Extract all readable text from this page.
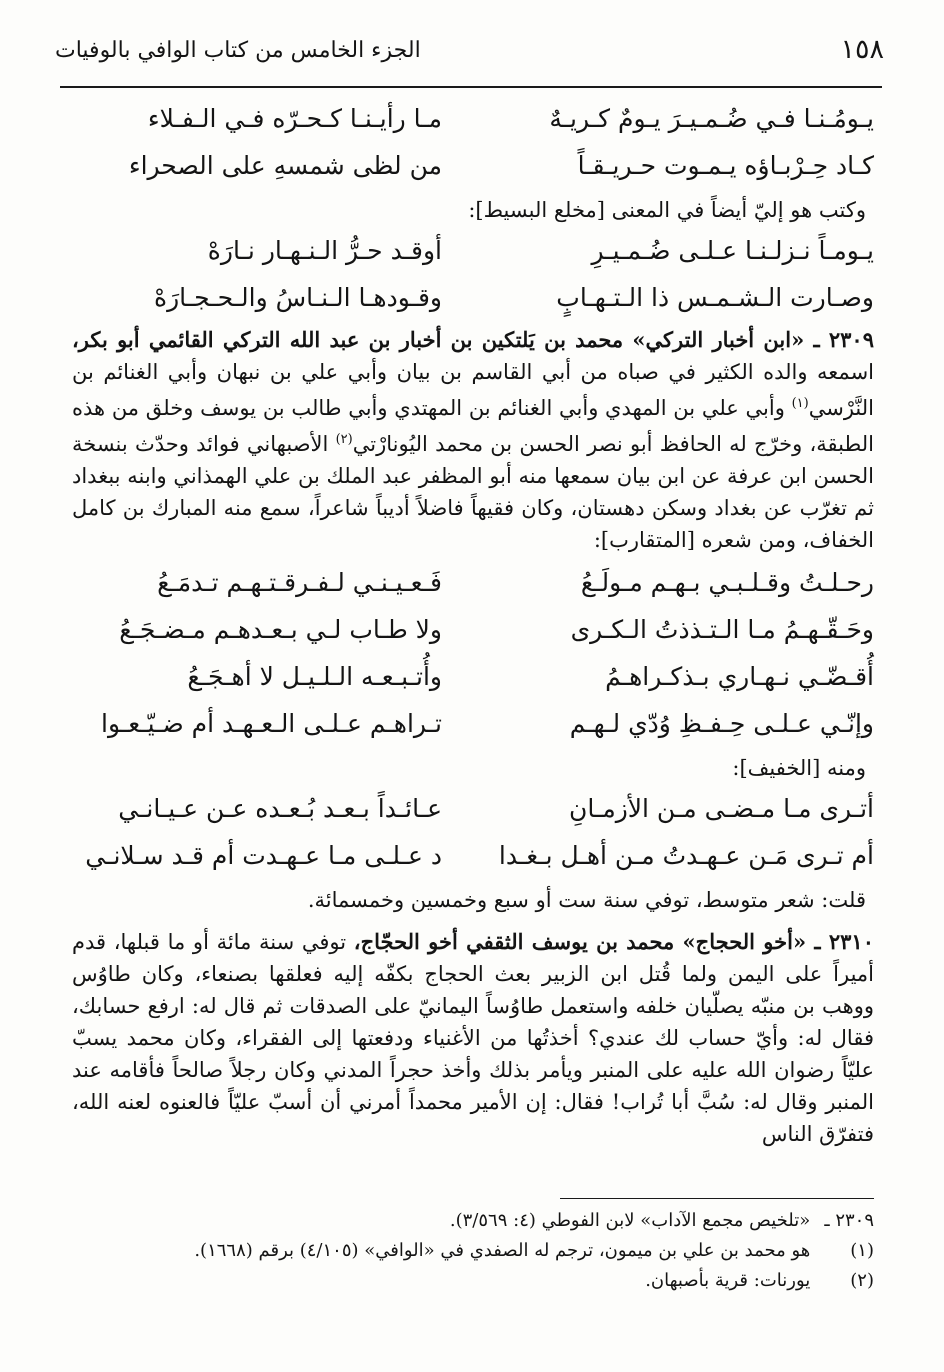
١٥٨
الجزء الخامس من كتاب الوافي بالوفيات
يـومُـنـا فـي ضُـمـيـرَ يـومٌ كـريـهٌ
مـا رأيـنـا كـحـرّه فـي الـفـلاء
كـاد حِـرْبـاؤه يـمـوت حـريـقـاً
من لظى شمسهِ على الصحراء

وكتب هو إليّ أيضاً في المعنى [مخلع البسيط]:

يـومـاً نـزلـنـا عـلـى ضُـمـيـرِ
أوقـد حـرُّ الـنـهـار نـارَهْ
وصـارت الـشـمـس ذا الـتـهـابٍ
وقـودهـا الـنـاسُ والـحـجـارَهْ

٢٣٠٩ ـ «ابن أخبار التركي» محمد بن يَلتكين بن أخبار بن عبد الله التركي القائمي أبو بكر، اسمعه والده الكثير في صباه من أبي القاسم بن بيان وأبي علي بن نبهان وأبي الغنائم بن النَّرْسي$^{(١)}$ وأبي علي بن المهدي وأبي الغنائم بن المهتدي وأبي طالب بن يوسف وخلق من هذه الطبقة، وخرّج له الحافظ أبو نصر الحسن بن محمد اليُونارْتي$^{(٢)}$ الأصبهاني فوائد وحدّث بنسخة الحسن ابن عرفة عن ابن بيان سمعها منه أبو المظفر عبد الملك بن علي الهمذاني وابنه ببغداد ثم تغرّب عن بغداد وسكن دهستان، وكان فقيهاً فاضلاً أديباً شاعراً، سمع منه المبارك بن كامل الخفاف، ومن شعره [المتقارب]:

رحـلـتُ وقـلـبـي بـهـم مـولَـعُ
فَـعـيـنـي لـفـرقـتـهـم تـدمَـعُ
وحَـقّـهـمُ مـا الـتـذذتُ الـكـرى
ولا طـاب لـي بـعـدهـم مـضـجَـعُ
أُقـضّـي نـهـاري بـذكـراهـمُ
وأُتـبـعـه الـلـيـل لا أهـجَـعُ
وإنّـي عـلـى حِـفـظِ وُدّي لـهـم
تـراهـم عـلـى الـعـهـد أم ضـيّـعـوا

ومنه [الخفيف]:

أتـرى مـا مـضـى مـن الأزمـانِ
عـائـداً بـعـد بُـعـده عـن عـيـانـي
أم تـرى مَـن عـهـدتُ مـن أهـل بـغـدا
د عـلـى مـا عـهـدت أم قـد سـلانـي

قلت: شعر متوسط، توفي سنة ست أو سبع وخمسين وخمسمائة.

٢٣١٠ ـ «أخو الحجاج» محمد بن يوسف الثقفي أخو الحجّاج، توفي سنة مائة أو ما قبلها، قدم أميراً على اليمن ولما قُتل ابن الزبير بعث الحجاج بكفّه إليه فعلقها بصنعاء، وكان طاوُس ووهب بن منبّه يصلّيان خلفه واستعمل طاوُساً اليمانيّ على الصدقات ثم قال له: ارفع حسابك، فقال له: وأيّ حساب لك عندي؟ أخذتُها من الأغنياء ودفعتها إلى الفقراء، وكان محمد يسبّ عليّاً رضوان الله عليه على المنبر ويأمر بذلك وأخذ حجراً المدني وكان رجلاً صالحاً فأقامه عند المنبر وقال له: سُبَّ أبا تُراب! فقال: إن الأمير محمداً أمرني أن أسبّ عليّاً فالعنوه لعنه الله، فتفرّق الناس

٢٣٠٩ ـ «تلخيص مجمع الآداب» لابن الفوطي (٤: ٣/٥٦٩).
(١) هو محمد بن علي بن ميمون، ترجم له الصفدي في «الوافي» (٤/١٠٥) برقم (١٦٦٨).
(٢) يورنات: قرية بأصبهان.
